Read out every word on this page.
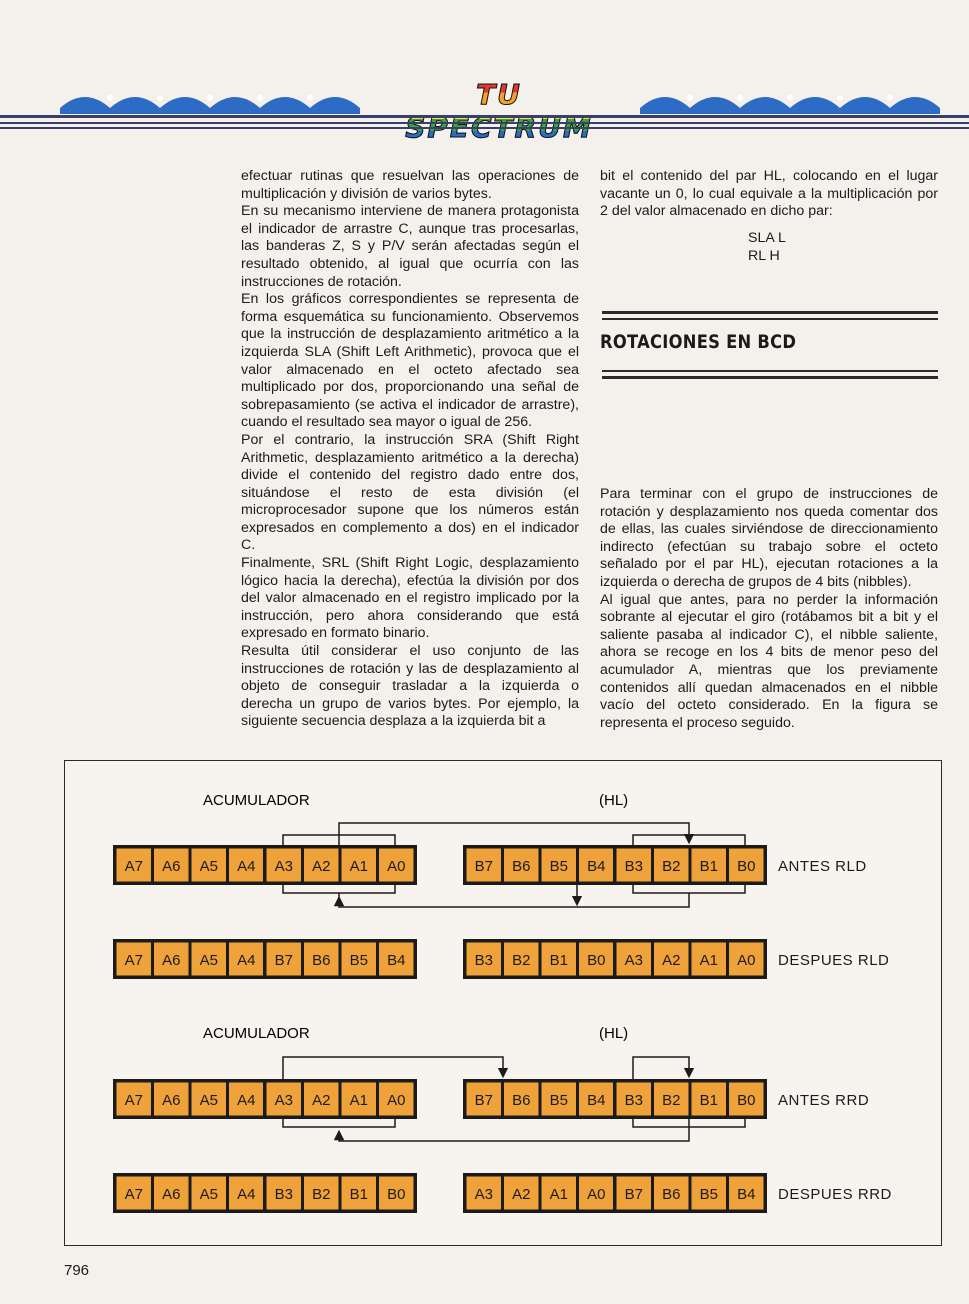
TU

efectuar rutinas que resuelvan las operaciones de multiplicación y división de varios bytes.

En su mecanismo interviene de manera protagonista el indicador de arrastre C, aunque tras procesarlas, las banderas Z, S y P/V serán afectadas según el resultado obtenido, al igual que ocurría con las instrucciones de rotación.

En los gráficos correspondientes se representa de forma esquemática su funcionamiento. Observemos que la instrucción de desplazamiento aritmético a la izquierda SLA (Shift Left Arithmetic), provoca que el valor almacenado en el octeto afectado sea multiplicado por dos, proporcionando una señal de sobrepasamiento (se activa el indicador de arrastre), cuando el resultado sea mayor o igual de 256.

Por el contrario, la instrucción SRA (Shift Right Arithmetic, desplazamiento aritmético a la derecha) divide el contenido del registro dado entre dos, situándose el resto de esta división (el microprocesador supone que los números están expresados en complemento a dos) en el indicador C.

Finalmente, SRL (Shift Right Logic, desplazamiento lógico hacia la derecha), efectúa la división por dos del valor almacenado en el registro implicado por la instrucción, pero ahora considerando que está expresado en formato binario.

Resulta útil considerar el uso conjunto de las instrucciones de rotación y las de desplazamiento al objeto de conseguir trasladar a la izquierda o derecha un grupo de varios bytes. Por ejemplo, la siguiente secuencia desplaza a la izquierda bit a

bit el contenido del par HL, colocando en el lugar vacante un 0, lo cual equivale a la multiplicación por 2 del valor almacenado en dicho par:

SLA L
RL H
ROTACIONES EN BCD

Para terminar con el grupo de instrucciones de rotación y desplazamiento nos queda comentar dos de ellas, las cuales sirviéndose de direccionamiento indirecto (efectúan su trabajo sobre el octeto señalado por el par HL), ejecutan rotaciones a la izquierda o derecha de grupos de 4 bits (nibbles).

Al igual que antes, para no perder la información sobrante al ejecutar el giro (rotábamos bit a bit y el saliente pasaba al indicador C), el nibble saliente, ahora se recoge en los 4 bits de menor peso del acumulador A, mientras que los previamente contenidos allí quedan almacenados en el nibble vacío del octeto considerado. En la figura se representa el proceso seguido.

ACUMULADOR	(HL)
ACUMULADOR	(HL)
A7 A6 A5 A4 A3 A2 A1 A0	B7 B6 B5 B4 B3 B2 B1 B0 ANTES RLD
A7 A6 A5 A4 B7 B6 B5 B4	B3 B2 B1 B0 A3 A2 A1 A0 DESPUES RLD
A7 A6 A5 A4 A3 A2 A1 A0	B7 B6 B5 B4 B3 B2 B1 B0 ANTES RRD
A7 A6 A5 A4 B3 B2 B1 B0	A3 A2 A1 A0 B7 B6 B5 B4 DESPUES RRD
796
